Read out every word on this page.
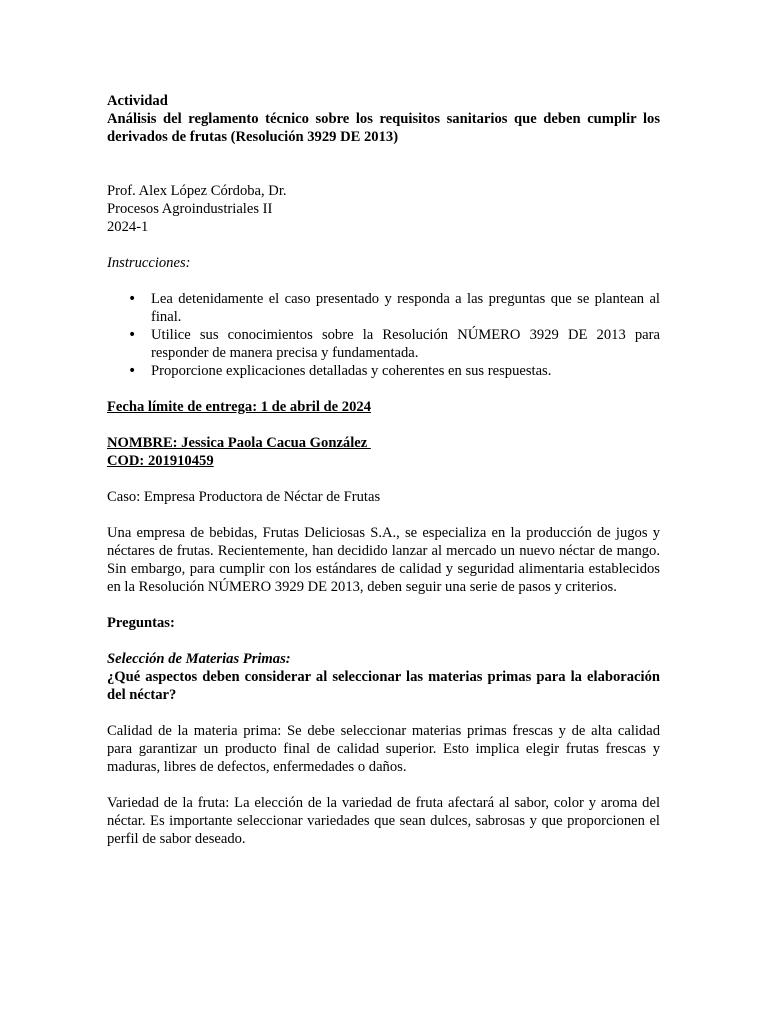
Actividad

Análisis del reglamento técnico sobre los requisitos sanitarios que deben cumplir los derivados de frutas (Resolución 3929 DE 2013)

Prof. Alex López Córdoba, Dr.

Procesos Agroindustriales II

2024-1

Instrucciones:

• Lea detenidamente el caso presentado y responda a las preguntas que se plantean al final.
• Utilice sus conocimientos sobre la Resolución NÚMERO 3929 DE 2013 para responder de manera precisa y fundamentada.
• Proporcione explicaciones detalladas y coherentes en sus respuestas.

Fecha límite de entrega: 1 de abril de 2024

NOMBRE: Jessica Paola Cacua González

COD: 201910459

Caso: Empresa Productora de Néctar de Frutas

Una empresa de bebidas, Frutas Deliciosas S.A., se especializa en la producción de jugos y néctares de frutas. Recientemente, han decidido lanzar al mercado un nuevo néctar de mango. Sin embargo, para cumplir con los estándares de calidad y seguridad alimentaria establecidos en la Resolución NÚMERO 3929 DE 2013, deben seguir una serie de pasos y criterios.

Preguntas:

Selección de Materias Primas:

¿Qué aspectos deben considerar al seleccionar las materias primas para la elaboración del néctar?

Calidad de la materia prima: Se debe seleccionar materias primas frescas y de alta calidad para garantizar un producto final de calidad superior. Esto implica elegir frutas frescas y maduras, libres de defectos, enfermedades o daños.

Variedad de la fruta: La elección de la variedad de fruta afectará al sabor, color y aroma del néctar. Es importante seleccionar variedades que sean dulces, sabrosas y que proporcionen el perfil de sabor deseado.
